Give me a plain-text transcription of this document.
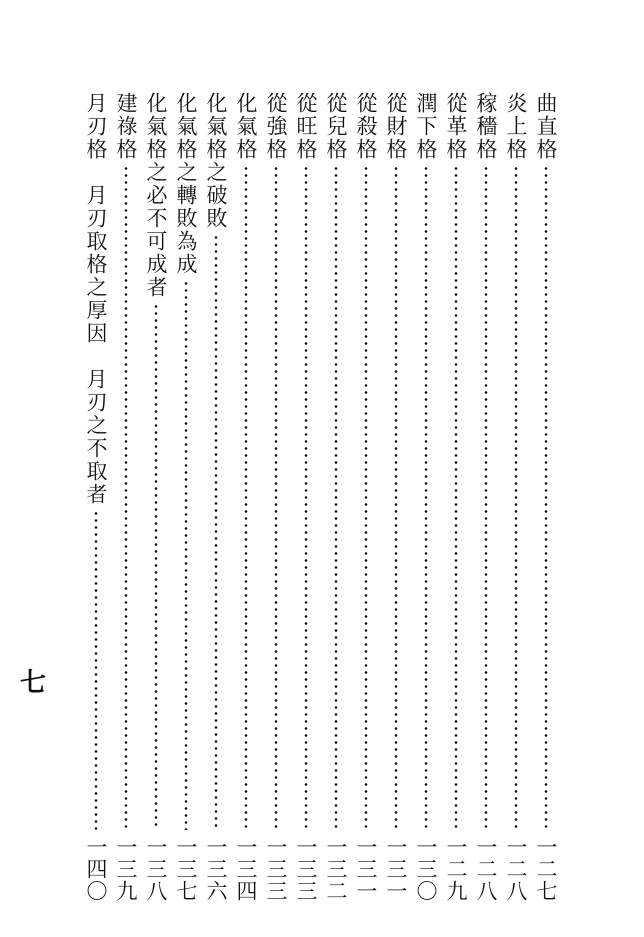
曲直格
一二七
炎上格
一二八
稼穡格
一二八
從革格
一二九
潤下格
一三〇
從財格
一三一
從殺格
一三一
從兒格
一三二
從旺格
一三三
從強格
一三三
化氣格
一三四
化氣格之破敗
一三六
化氣格之轉敗為成
一三七
化氣格之必不可成者
一三八
建祿格
一三九
月刃格　月刃取格之厚因　月刃之不取者
一四〇
七
